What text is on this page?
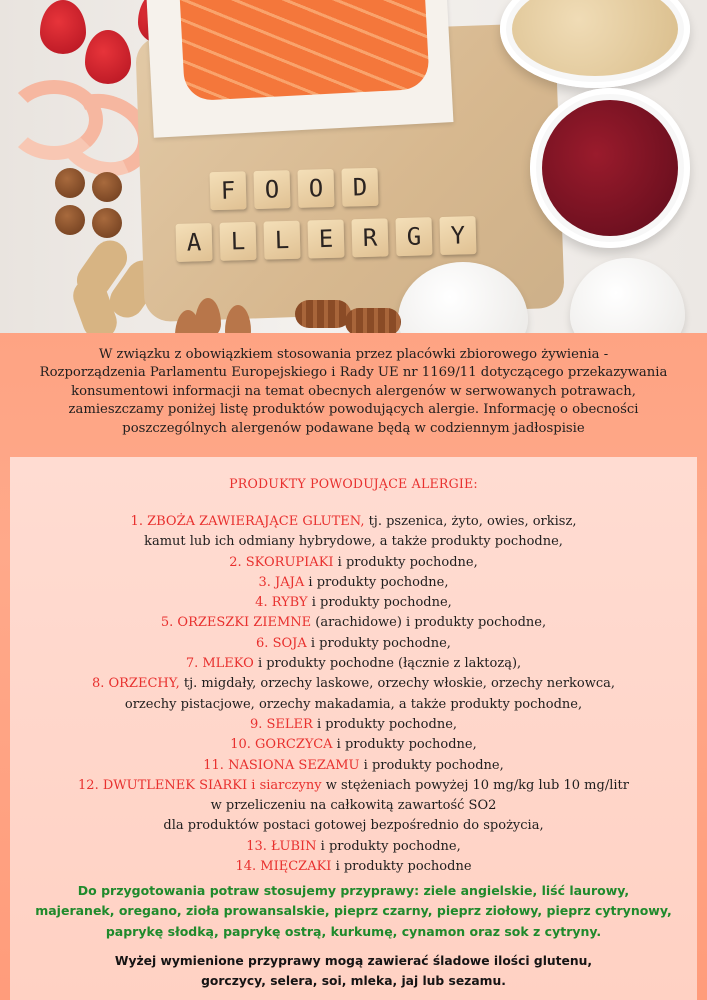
F	O	O	D
A	L	L	E	R	G	Y
W związku z obowiązkiem stosowania przez placówki zbiorowego żywienia -
Rozporządzenia Parlamentu Europejskiego i Rady UE nr 1169/11 dotyczącego przekazywania
konsumentowi informacji na temat obecnych alergenów w serwowanych potrawach,
zamieszczamy poniżej listę produktów powodujących alergie. Informację o obecności
poszczególnych alergenów podawane będą w codziennym jadłospisie
PRODUKTY POWODUJĄCE ALERGIE:
1. ZBOŻA ZAWIERAJĄCE GLUTEN, tj. pszenica, żyto, owies, orkisz,
kamut lub ich odmiany hybrydowe, a także produkty pochodne,
2. SKORUPIAKI i produkty pochodne,
3. JAJA i produkty pochodne,
4. RYBY i produkty pochodne,
5. ORZESZKI ZIEMNE (arachidowe) i produkty pochodne,
6. SOJA i produkty pochodne,
7. MLEKO i produkty pochodne (łącznie z laktozą),
8. ORZECHY, tj. migdały, orzechy laskowe, orzechy włoskie, orzechy nerkowca,
orzechy pistacjowe, orzechy makadamia, a także produkty pochodne,
9. SELER i produkty pochodne,
10. GORCZYCA i produkty pochodne,
11. NASIONA SEZAMU i produkty pochodne,
12. DWUTLENEK SIARKI i siarczyny w stężeniach powyżej 10 mg/kg lub 10 mg/litr
w przeliczeniu na całkowitą zawartość SO2
dla produktów postaci gotowej bezpośrednio do spożycia,
13. ŁUBIN i produkty pochodne,
14. MIĘCZAKI i produkty pochodne
Do przygotowania potraw stosujemy przyprawy: ziele angielskie, liść laurowy,
majeranek, oregano, zioła prowansalskie, pieprz czarny, pieprz ziołowy, pieprz cytrynowy,
paprykę słodką, paprykę ostrą, kurkumę, cynamon oraz sok z cytryny.
Wyżej wymienione przyprawy mogą zawierać śladowe ilości glutenu,
gorczycy, selera, soi, mleka, jaj lub sezamu.
